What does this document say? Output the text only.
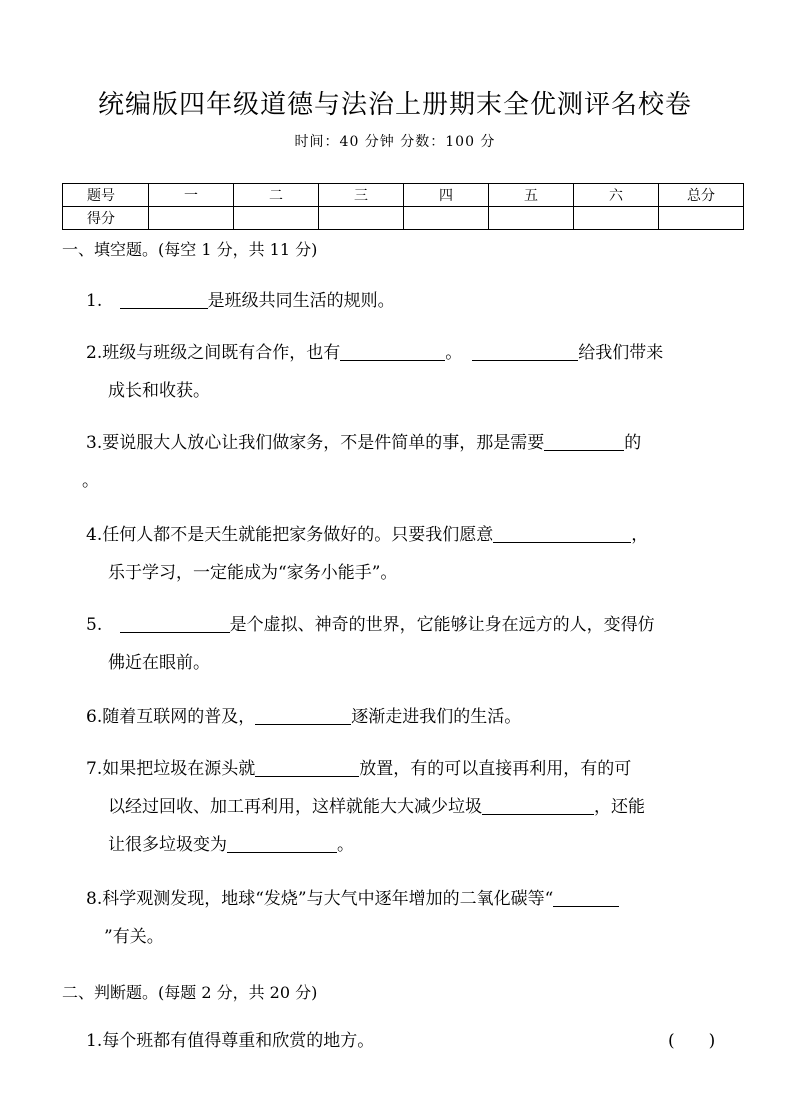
统编版四年级道德与法治上册期末全优测评名校卷
时间：40 分钟 分数：100 分
题号	一	二	三	四	五	六	总分
得分							
一、填空题。(每空 1 分，共 11 分)
1.	是班级共同生活的规则。
2.班级与班级之间既有合作，也有	。	给我们带来
成长和收获。
3.要说服大人放心让我们做家务，不是件简单的事，那是需要	的
。
4.任何人都不是天生就能把家务做好的。只要我们愿意	，
乐于学习，一定能成为“家务小能手”。
5.	是个虚拟、神奇的世界，它能够让身在远方的人，变得仿
佛近在眼前。
6.随着互联网的普及，	逐渐走进我们的生活。
7.如果把垃圾在源头就	放置，有的可以直接再利用，有的可
以经过回收、加工再利用，这样就能大大减少垃圾	，还能
让很多垃圾变为	。
8.科学观测发现，地球“发烧”与大气中逐年增加的二氧化碳等“
”有关。
二、判断题。(每题 2 分，共 20 分)
1.每个班都有值得尊重和欣赏的地方。	(　　)
